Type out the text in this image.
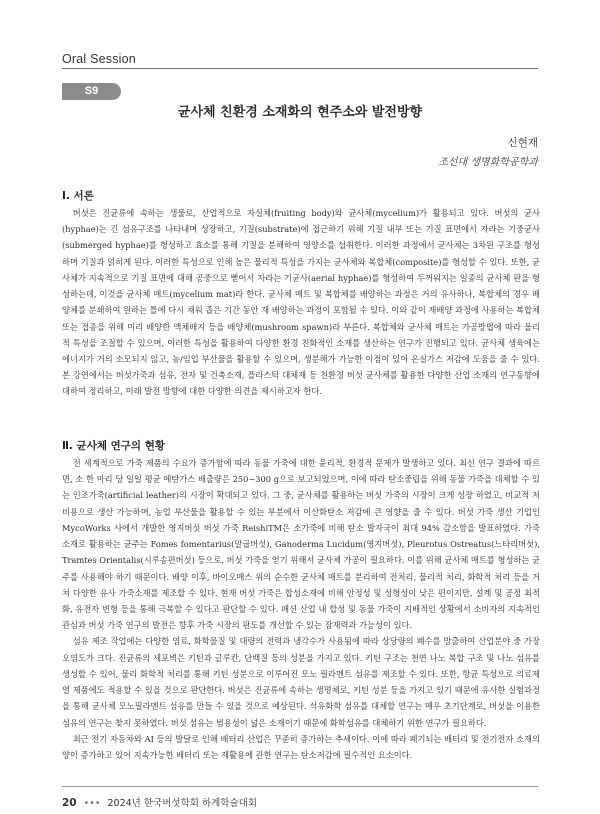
Oral Session
S9
균사체 친환경 소재화의 현주소와 발전방향
신현재
조선대 생명화학공학과
Ⅰ. 서론

버섯은 진균류에 속하는 생물로, 산업적으로 자실체(fruiting body)와 균사체(mycelium)가 활용되고 있다. 버섯의 균사(hyphae)는 긴 섬유구조를 나타내며 성장하고, 기질(substrate)에 접근하기 위해 기질 내부 또는 기질 표면에서 자라는 기중균사(submerged hyphae)를 형성하고 효소를 통해 기질을 분해하여 영양소를 섭취한다. 이러한 과정에서 균사체는 3차원 구조를 형성하며 기질과 얽히게 된다. 이러한 특성으로 인해 높은 물리적 특성을 가지는 균사체와 복합체(composite)를 형성할 수 있다. 또한, 균사체가 지속적으로 기질 표면에 대해 공중으로 뻗어서 자라는 기균사(aerial hyphae)를 형성하여 두꺼워지는 일종의 균사체 판을 형성하는데, 이것을 균사체 매트(mycelium mat)라 한다. 균사체 매트 및 복합체를 배양하는 과정은 거의 유사하나, 복합체의 경우 배양체를 분쇄하여 원하는 틀에 다시 채워 좁은 기간 동안 재 배양하는 과정이 포함될 수 있다. 이와 같이 재배양 과정에 사용하는 복합체 또는 접종을 위해 미리 배양한 액체배지 등을 배양체(mushroom spawn)라 부른다. 복합체와 균사체 매트는 가공방법에 따라 물리적 특성을 조절할 수 있으며, 이러한 특성을 활용하여 다양한 환경 친화적인 소재를 생산하는 연구가 진행되고 있다. 균사체 생육에는 에너지가 거의 소모되지 않고, 농/임업 부산물을 활용할 수 있으며, 생분해가 가능한 이점이 있어 온실가스 저감에 도움을 줄 수 있다. 본 강연에서는 버섯가죽과 섬유, 전자 및 건축소재, 플라스틱 대체재 등 친환경 버섯 균사체를 활용한 다양한 산업 소재의 연구동향에 대하여 정리하고, 미래 발전 방향에 대한 다양한 의견을 제시하고자 한다.

Ⅱ. 균사체 연구의 현황

전 세계적으로 가죽 제품의 수요가 증가함에 따라 동물 가죽에 대한 윤리적, 환경적 문제가 발생하고 있다. 최신 연구 결과에 따르면, 소 한 마리 당 일일 평균 메탄가스 배출량은 250~300 g으로 보고되었으며, 이에 따라 탄소중립을 위해 동물 가죽을 대체할 수 있는 인조가죽(artificial leather)의 시장이 확대되고 있다. 그 중, 균사체를 활용하는 버섯 가죽의 시장이 크게 성장 하였고, 비교적 저비용으로 생산 가능하며, 농업 부산물을 활용할 수 있는 부분에서 이산화탄소 저감에 큰 영향을 줄 수 있다. 버섯 가죽 생산 기업인 MycoWorks 사에서 개발한 영지버섯 버섯 가죽 ReishiTM은 소가죽에 비해 탄소 발자국이 최대 94% 감소함을 발표하였다. 가죽 소재로 활용하는 균주는 Fomes fomentarius(말굽버섯), Ganoderma Lucidum(영지버섯), Pleurotus Ostreatus(느타리버섯), Tramtes Orientalis(시루송편버섯) 등으로, 버섯 가죽을 얻기 위해서 균사체 가공이 필요하다. 이를 위해 균사체 매트를 형성하는 균주를 사용해야 하기 때문이다. 배양 이후, 바이오매스 위의 순수한 균사체 매트를 분리하여 전처리, 물리적 처리, 화학적 처리 등을 거쳐 다양한 유사 가죽소재를 제조할 수 있다. 현재 버섯 가죽은 합성소재에 비해 안정성 및 성형성이 낮은 편이지만, 설계 및 공정 최적화, 유전자 변형 등을 통해 극복할 수 있다고 판단할 수 있다. 패션 산업 내 합성 및 동물 가죽이 지배적인 상황에서 소비자의 지속적인 관심과 버섯 가죽 연구의 발전은 향후 가죽 시장의 판도를 개선할 수 있는 잠재력과 가능성이 있다.

섬유 제조 작업에는 다양한 염료, 화학물질 및 대량의 전력과 냉각수가 사용됨에 따라 상당량의 폐수를 방출하여 산업분야 중 가장 오염도가 크다. 진균류의 세포벽은 키틴과 글루칸, 단백질 등의 성분을 가지고 있다. 키틴 구조는 천연 나노 복합 구조 및 나노 섬유를 생성할 수 있어, 물리 화학적 처리를 통해 키틴 성분으로 이루어진 모노 필라멘트 섬유를 제조할 수 있다. 또한, 항균 특성으로 의료제열 제품에도 적용할 수 있을 것으로 판단한다. 버섯은 진균류에 속하는 생명체로, 키틴 성분 등을 가지고 있기 때문에 유사한 실험과정을 통해 균사체 모노필라멘트 섬유를 만들 수 있을 것으로 예상된다. 석유화학 섬유를 대체할 연구는 매우 초기단계로, 버섯을 이용한 섬유의 연구는 찾지 못하였다. 버섯 섬유는 범용성이 넓은 소재이기 때문에 화학섬유를 대체하기 위한 연구가 필요하다.

최근 전기 자동차와 AI 등의 발달로 인해 배터리 산업은 꾸준히 증가하는 추세이다. 이에 따라 폐기되는 배터리 및 전기전자 소재의 양이 증가하고 있어 지속가능한 배터리 또는 재활용에 관한 연구는 탄소저감에 필수적인 요소이다.

20 ••• 2024년 한국버섯학회 하계학술대회
